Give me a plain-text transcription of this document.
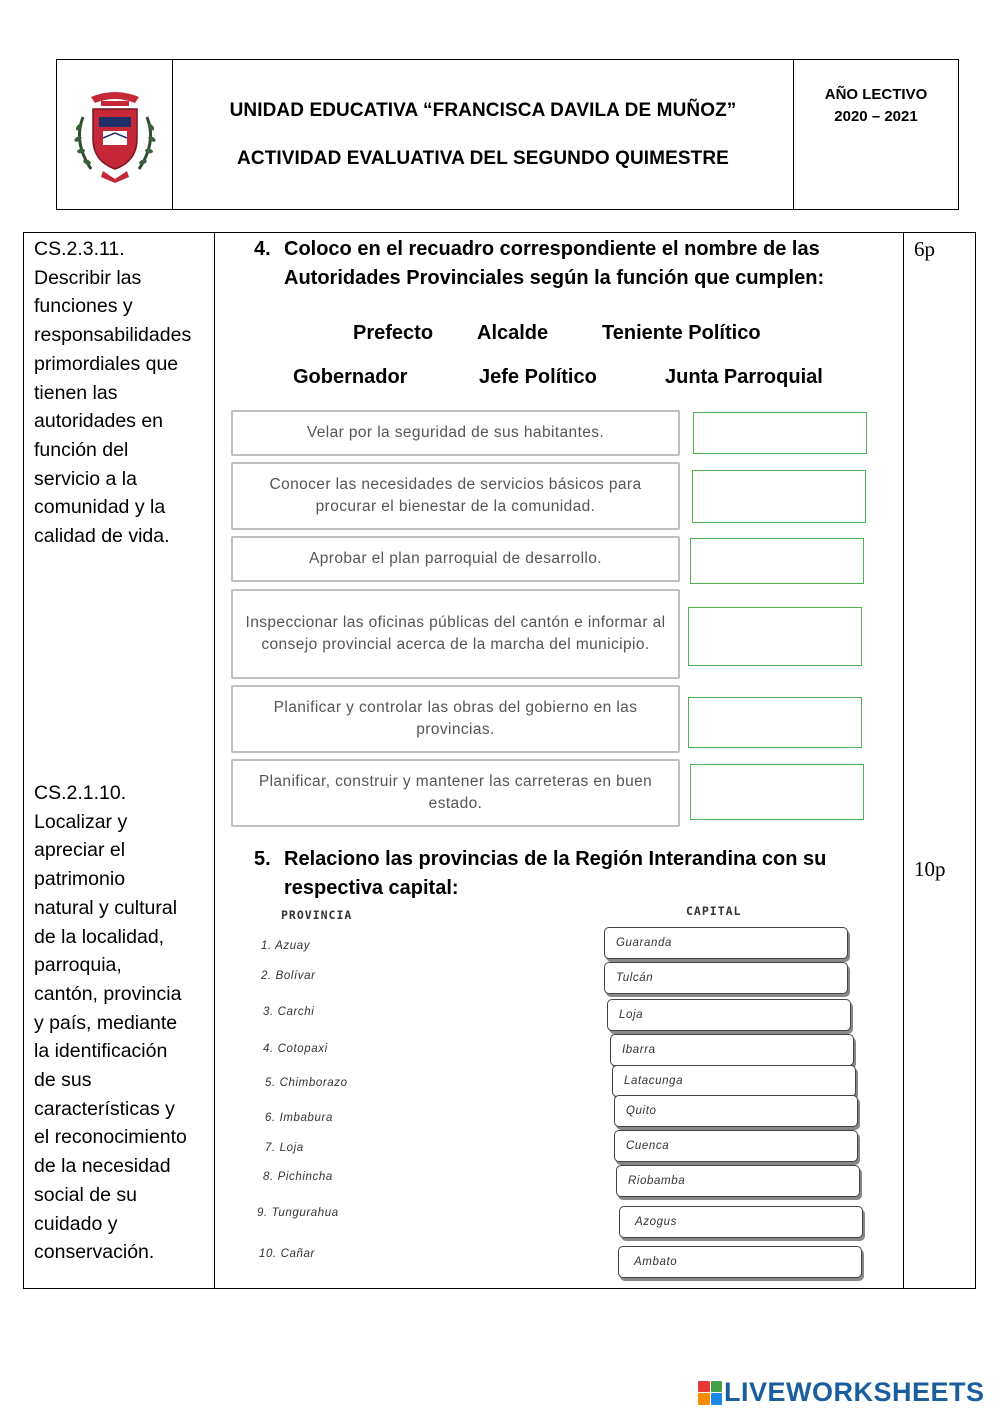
UNIDAD EDUCATIVA “FRANCISCA DAVILA DE MUÑOZ”
ACTIVIDAD EVALUATIVA DEL SEGUNDO QUIMESTRE
AÑO LECTIVO
2020 – 2021
CS.2.3.11.
Describir las
funciones y
responsabilidades
primordiales que
tienen las
autoridades en
función del
servicio a la
comunidad y la
calidad de vida.
CS.2.1.10.
Localizar y
apreciar el
patrimonio
natural y cultural
de la localidad,
parroquia,
cantón, provincia
y país, mediante
la identificación
de sus
características y
el reconocimiento
de la necesidad
social de su
cuidado y
conservación.
6p
10p
4. Coloco en el recuadro correspondiente el nombre de las
Autoridades Provinciales según la función que cumplen:
Prefecto Alcalde	Teniente Político
Gobernador	Jefe Político	Junta Parroquial
Velar por la seguridad de sus habitantes.
Conocer las necesidades de servicios básicos para procurar el bienestar de la comunidad.
Aprobar el plan parroquial de desarrollo.
Inspeccionar las oficinas públicas del cantón e informar al consejo provincial acerca de la marcha del municipio.
Planificar y controlar las obras del gobierno en las provincias.
Planificar, construir y mantener las carreteras en buen estado.
5. Relaciono las provincias de la Región Interandina con su
respectiva capital:
PROVINCIA	CAPITAL
1. Azuay
2. Bolívar
3. Carchi
4. Cotopaxi
5. Chimborazo
6. Imbabura
7. Loja
8. Pichincha
9. Tungurahua
10. Cañar
Guaranda
Tulcán
Loja
Ibarra
Latacunga
Quito
Cuenca
Riobamba
Azogus
Ambato
LIVEWORKSHEETS
